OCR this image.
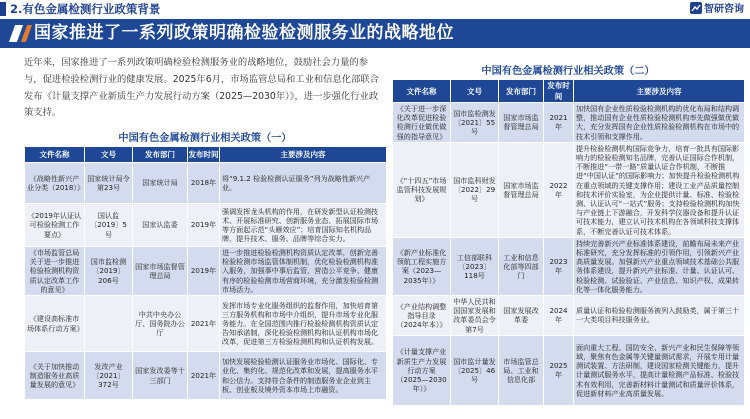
2.有色金属检测行业政策背景	智研咨询
国家推进了一系列政策明确检验检测服务业的战略地位
近年来，国家推进了一系列政策明确检验检测服务业的战略地位，鼓励社会力量的参与，促进检验检测行业的健康发展。2025年6月，市场监管总局和工业和信息化部联合发布《计量支撑产业新质生产力发展行动方案（2025—2030年）》，进一步强化行业政策支持。
中国有色金属检测行业相关政策（一）
文件名称	文号	发布部门	发布时间	主要涉及内容
《战略性新兴产业分类（2018）》	国家统计局令第23号	国家统计局	2018年	将“9.1.2 检验检测认证服务”列为战略性新兴产业。
《2019年认证认可检验检测工作要点》	国认监〔2019〕5号	国家认监委	2019年	强调发挥龙头机构的作用，在研发新型认证检测技术、开展标准研究、创新服务业态、拓展国际市场等方面起示范“头雁效应”；培育国际知名机构品牌，提升技术、服务、品牌等综合实力。
《市场监管总局关于进一步推进检验检测机构资质认定改革工作的意见》	国市监检测〔2019〕206号	国家市场监督管理总局	2019年	进一步推进检验检测机构资质认定改革，创新完善检验检测市场监管体制机制，优化检验检测机构准入服务，加强事中事后监管，营造公平竞争、健康有序的检验检测市场营商环境，充分激发检验检测市场活力。
《建设高标准市场体系行动方案》		中共中央办公厅、国务院办公厅	2021年	发挥市场专业化服务组织的监督作用，加快培育第三方服务机构和市场中介组织，提升市场专业化服务能力。在全国范围内推行检验检测机构资质认定告知承诺制，深化检验检测机构和认证机构市场化改革，促进第三方检验检测机构和认证机构发展。
《关于加快推动制造服务业高质量发展的意见》	发改产业〔2021〕372号	国家发改委等十三部门	2021年	加快发展检验检测认证服务业市场化、国际化、专业化、集约化、规范化改革和发展，提高服务水平和公信力。支持符合条件的制造服务业企业到主板、创业板及境外资本市场上市融资。
中国有色金属检测行业相关政策（二）
文件名称	文号	发布部门	发布时间	主要涉及内容
《关于进一步深化改革促进检验检测行业做优做强的指导意见》	国市监检测发〔2021〕55号	国家市场监督管理总局	2021年	加快国有企业性质检验检测机构的优化布局和结构调整，推动国有企业性质检验检测机构率先做强做优做大，充分发挥国有企业性质检验检测机构在市场中的技术引领和支撑作用。
《“十四五”市场监管科技发展规划》	国市监科财发〔2022〕29号	国家市场监督管理总局	2022年	提升检验检测机构国际竞争力，培育一批具有国际影响力的检验检测知名品牌，完善认证国际合作机制，不断推进“一带一路”质量认证合作机制，不断推进“中国认证”的国际影响力；加快提升检验检测机构在重点领域的关键支撑作用；建设工业产品质量控制和技术评价实验室，为企业提供计量、标准、检验检测、认证认可“一站式”服务；支持检验检测机构加快与产业链上下游融合，开发科学仪器设备和提升认证可技术能力，建立认可技术机构在各领域科技支撑体系，不断完善认证可技术体系。
《新产业标准化领航工程实施方案（2023—2035年）》	工信部联科〔2023〕118号	工业和信息化部等四部门	2023年	持续完善新兴产业标准体系建设，前瞻布局未来产业标准研究，充分发挥标准的引领作用，引领新兴产业高质量发展。加强新兴产业重点领域技术基础公共服务体系建设，提升新兴产业标准、计量、认证认可、检验检测、试验验证、产业信息、知识产权、成果转化等一体化服务能力。
《产业结构调整指导目录（2024年本）》	中华人民共和国国家发展和改革委员会令第7号	国家发展改革委	2024年	质量认证和检验检测服务被列入鼓励类，属于第三十一大类项目科技服务业。
《计量支撑产业新质生产力发展行动方案（2025—2030年）》	国市监计量发〔2025〕46号	市场监管总局、工业和信息化部	2025年	面向重大工程、国防安全、新兴产业和民生保障等领域，聚焦有色金属等关键量测试需求，开展专用计量测试装置、方法研制，建设国家检测关键能力，提升计量测试服务水平，提高计量检测产品标准、检验技术有效利用，完善新材料计量测试和质量评价体系，促进新材料产业高质量发展。
